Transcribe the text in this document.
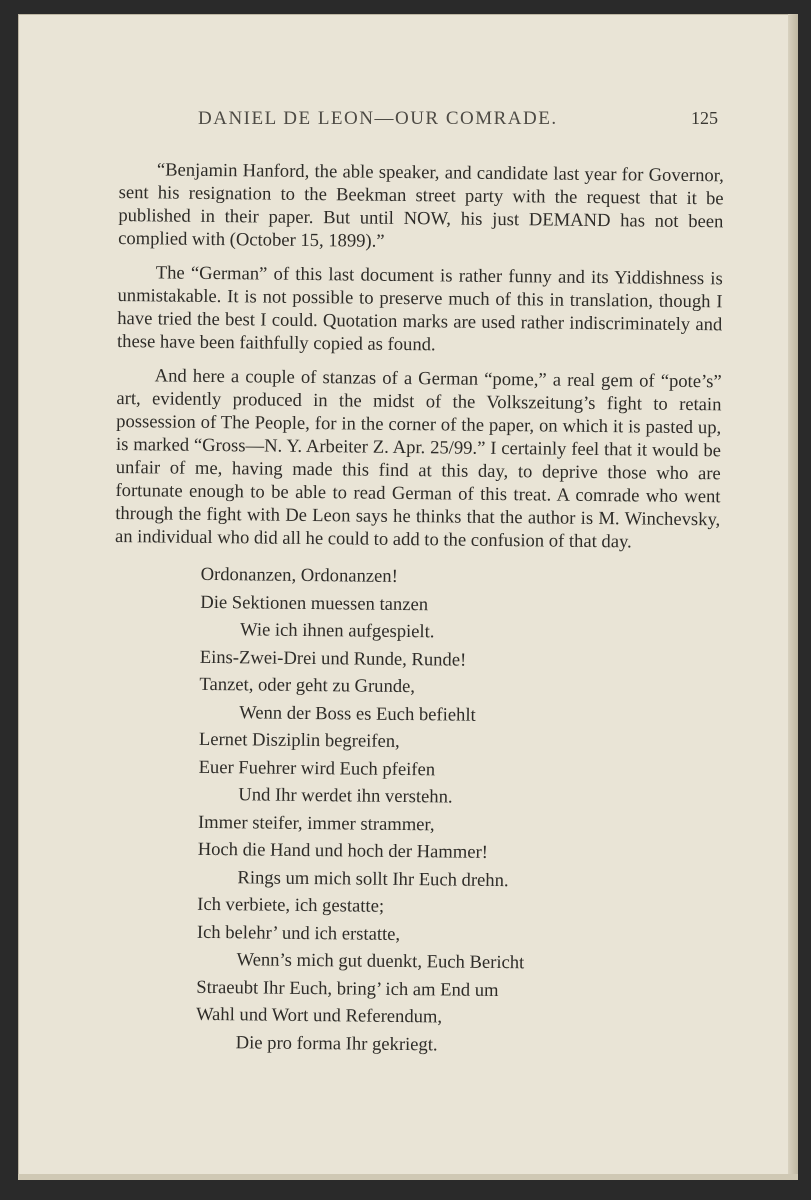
DANIEL DE LEON—OUR COMRADE.	125

“Benjamin Hanford, the able speaker, and candidate last year for Governor, sent his resignation to the Beekman street party with the request that it be published in their paper. But until NOW, his just DEMAND has not been complied with (October 15, 1899).”

The “German” of this last document is rather funny and its Yiddishness is unmistakable. It is not possible to preserve much of this in translation, though I have tried the best I could. Quotation marks are used rather indiscriminately and these have been faithfully copied as found.

And here a couple of stanzas of a German “pome,” a real gem of “pote’s” art, evidently produced in the midst of the Volkszeitung’s fight to retain possession of The People, for in the corner of the paper, on which it is pasted up, is marked “Gross—N. Y. Arbeiter Z. Apr. 25/99.” I certainly feel that it would be unfair of me, having made this find at this day, to deprive those who are fortunate enough to be able to read German of this treat. A comrade who went through the fight with De Leon says he thinks that the author is M. Winchevsky, an individual who did all he could to add to the confusion of that day.

Ordonanzen, Ordonanzen!
Die Sektionen muessen tanzen
Wie ich ihnen aufgespielt.
Eins-Zwei-Drei und Runde, Runde!
Tanzet, oder geht zu Grunde,
Wenn der Boss es Euch befiehlt
Lernet Disziplin begreifen,
Euer Fuehrer wird Euch pfeifen
Und Ihr werdet ihn verstehn.
Immer steifer, immer strammer,
Hoch die Hand und hoch der Hammer!
Rings um mich sollt Ihr Euch drehn.
Ich verbiete, ich gestatte;
Ich belehr’ und ich erstatte,
Wenn’s mich gut duenkt, Euch Bericht
Straeubt Ihr Euch, bring’ ich am End um
Wahl und Wort und Referendum,
Die pro forma Ihr gekriegt.
